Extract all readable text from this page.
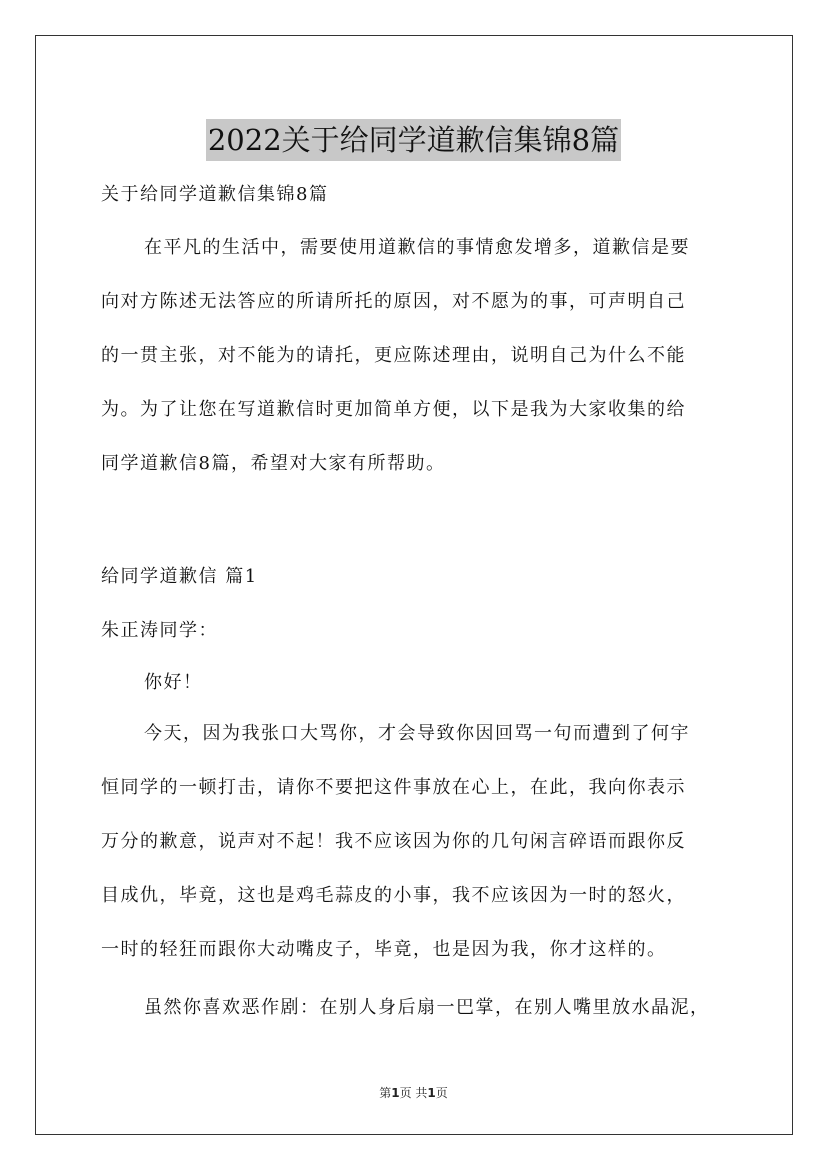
2022关于给同学道歉信集锦8篇

关于给同学道歉信集锦8篇

在平凡的生活中，需要使用道歉信的事情愈发增多，道歉信是要
向对方陈述无法答应的所请所托的原因，对不愿为的事，可声明自己
的一贯主张，对不能为的请托，更应陈述理由，说明自己为什么不能
为。为了让您在写道歉信时更加简单方便，以下是我为大家收集的给
同学道歉信8篇，希望对大家有所帮助。

给同学道歉信 篇1

朱正涛同学：

你好！

今天，因为我张口大骂你，才会导致你因回骂一句而遭到了何宇
恒同学的一顿打击，请你不要把这件事放在心上，在此，我向你表示
万分的歉意，说声对不起！我不应该因为你的几句闲言碎语而跟你反
目成仇，毕竟，这也是鸡毛蒜皮的小事，我不应该因为一时的怒火，
一时的轻狂而跟你大动嘴皮子，毕竟，也是因为我，你才这样的。

虽然你喜欢恶作剧：在别人身后扇一巴掌，在别人嘴里放水晶泥，

第1页 共1页
